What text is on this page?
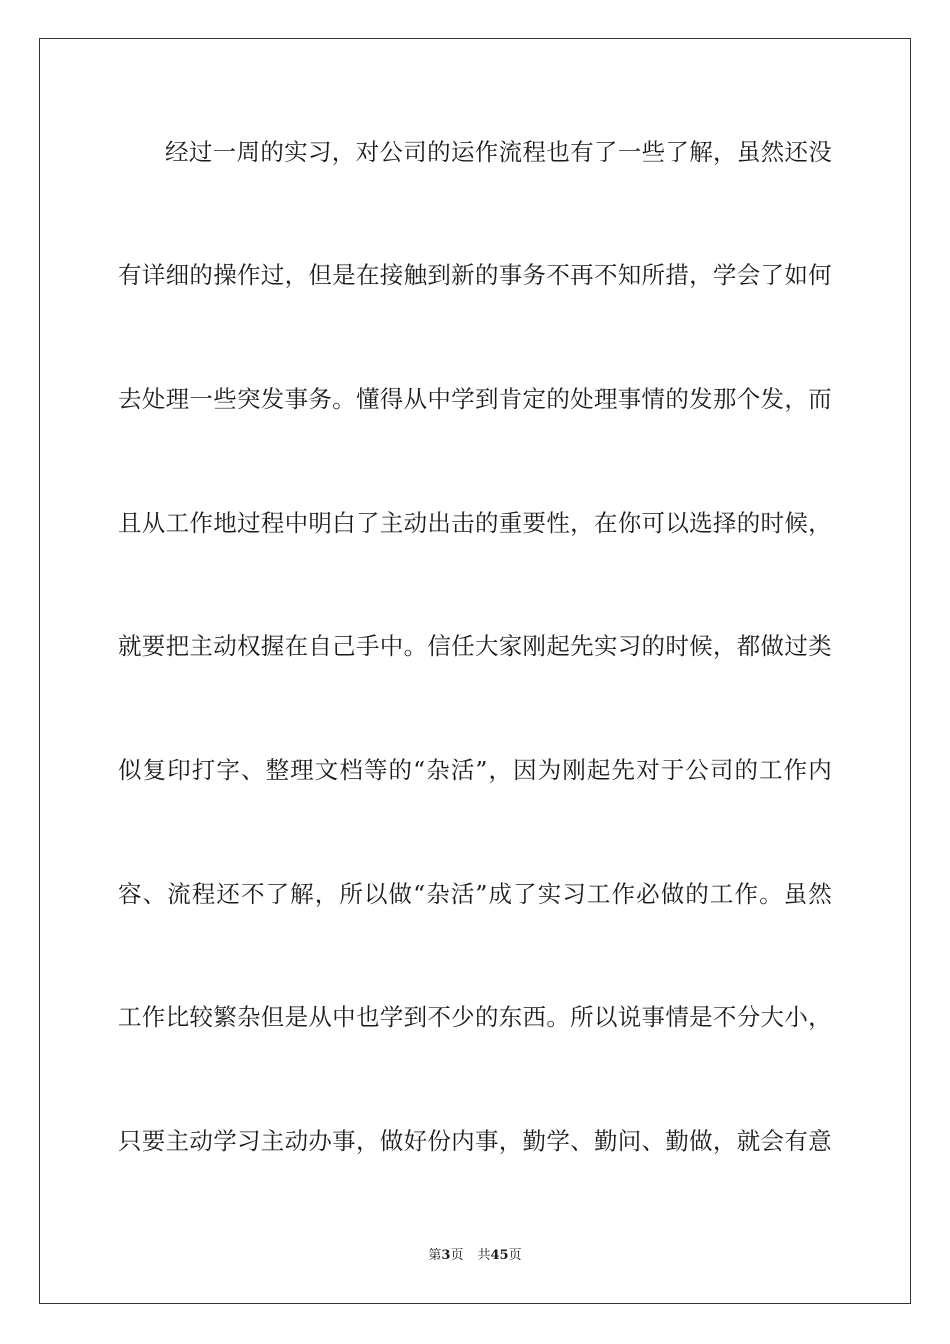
经 过 一 周 的 实 习 ， 对 公 司 的 运 作 流 程 也 有 了 一 些 了 解 ， 虽 然 还 没
有 详 细 的 操 作 过 ， 但 是 在 接 触 到 新 的 事 务 不 再 不 知 所 措 ， 学 会 了 如 何
去 处 理 一 些 突 发 事 务 。 懂 得 从 中 学 到 肯 定 的 处 理 事 情 的 发 那 个 发 ， 而
且 从 工 作 地 过 程 中 明 白 了 主 动 出 击 的 重 要 性 ， 在 你 可 以 选 择 的 时 候 ，
就 要 把 主 动 权 握 在 自 己 手 中 。 信 任 大 家 刚 起 先 实 习 的 时 候 ， 都 做 过 类
似 复 印 打 字 、 整 理 文 档 等 的 “ 杂 活 ” ， 因 为 刚 起 先 对 于 公 司 的 工 作 内
容 、 流 程 还 不 了 解 ， 所 以 做 “ 杂 活 ” 成 了 实 习 工 作 必 做 的 工 作 。 虽 然
工 作 比 较 繁 杂 但 是 从 中 也 学 到 不 少 的 东 西 。 所 以 说 事 情 是 不 分 大 小 ，
只 要 主 动 学 习 主 动 办 事 ， 做 好 份 内 事 ， 勤 学 、 勤 问 、 勤 做 ， 就 会 有 意
第3页 共45页
